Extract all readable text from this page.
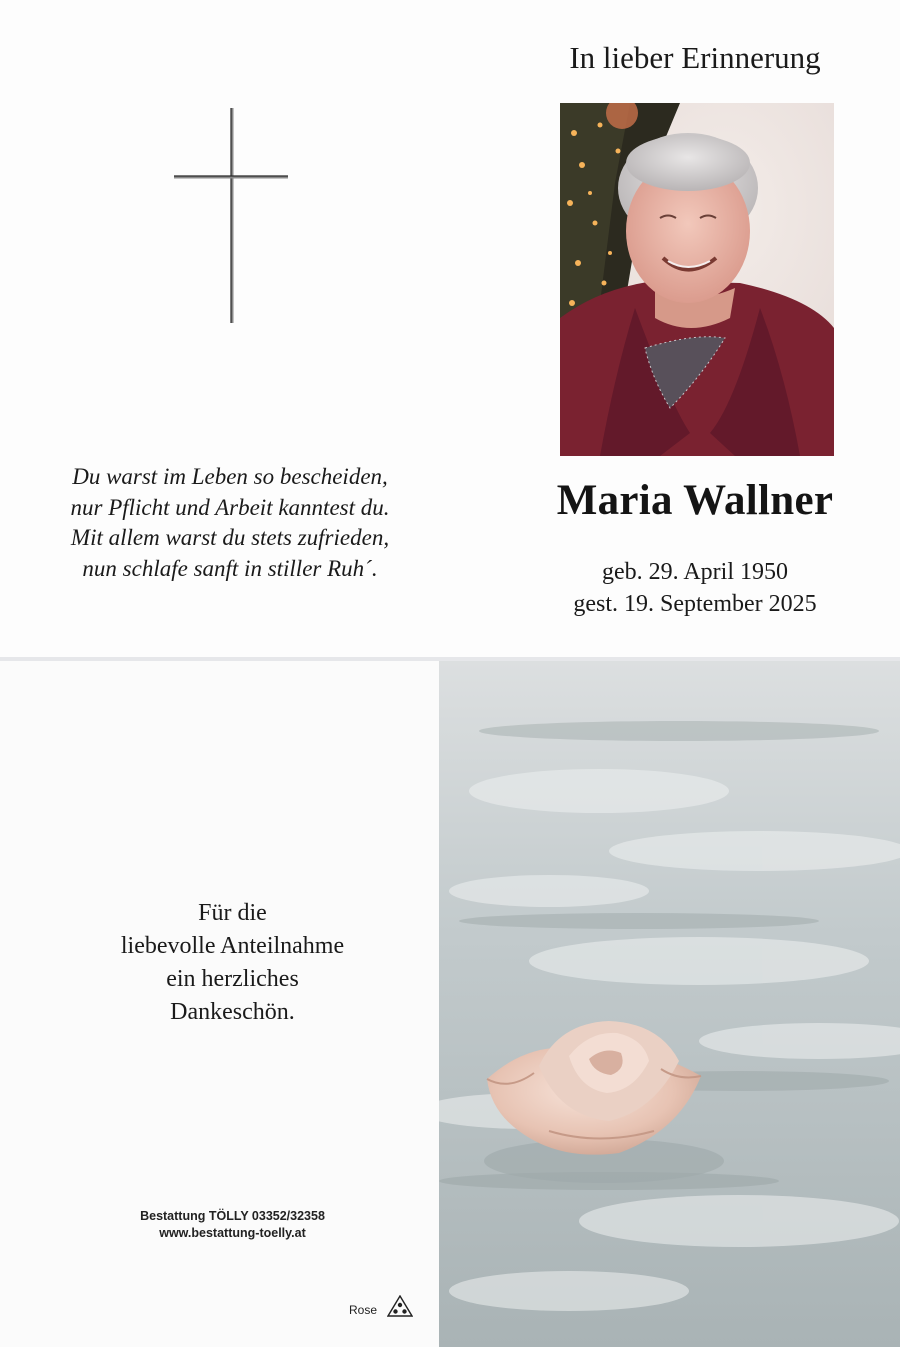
In lieber Erinnerung
Maria Wallner
geb. 29. April 1950
gest. 19. September 2025
Du warst im Leben so bescheiden,
nur Pflicht und Arbeit kanntest du.
Mit allem warst du stets zufrieden,
nun schlafe sanft in stiller Ruh´.
Für die
liebevolle Anteilnahme
ein herzliches
Dankeschön.
Bestattung TÖLLY 03352/32358
www.bestattung-toelly.at
Rose
